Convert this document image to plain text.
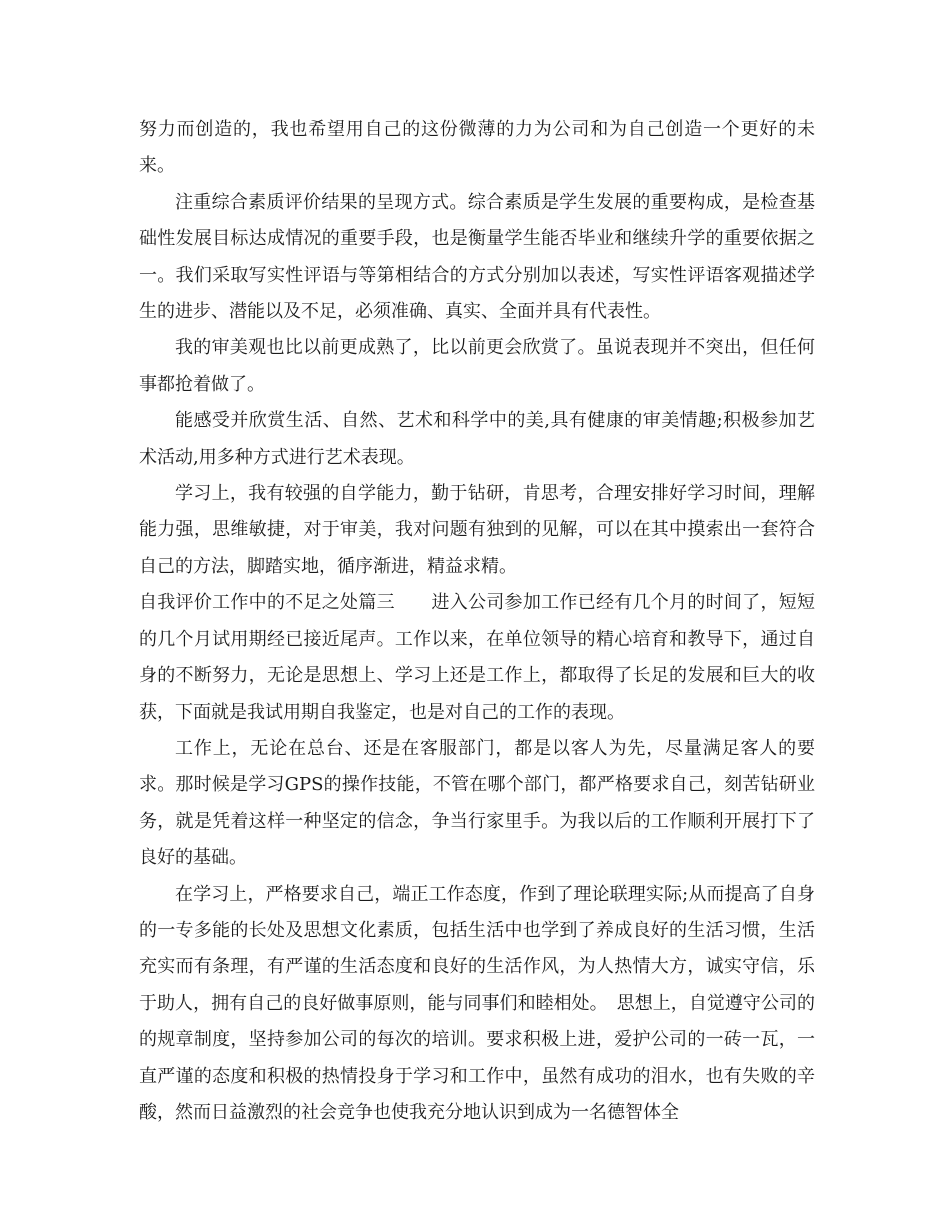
努力而创造的，我也希望用自己的这份微薄的力为公司和为自己创造一个更好的未来。

注重综合素质评价结果的呈现方式。综合素质是学生发展的重要构成，是检查基础性发展目标达成情况的重要手段，也是衡量学生能否毕业和继续升学的重要依据之一。我们采取写实性评语与等第相结合的方式分别加以表述，写实性评语客观描述学生的进步、潜能以及不足，必须准确、真实、全面并具有代表性。

我的审美观也比以前更成熟了，比以前更会欣赏了。虽说表现并不突出，但任何事都抢着做了。

能感受并欣赏生活、自然、艺术和科学中的美,具有健康的审美情趣;积极参加艺术活动,用多种方式进行艺术表现。

学习上，我有较强的自学能力，勤于钻研，肯思考，合理安排好学习时间，理解能力强，思维敏捷，对于审美，我对问题有独到的见解，可以在其中摸索出一套符合自己的方法，脚踏实地，循序渐进，精益求精。

自我评价工作中的不足之处篇三　　进入公司参加工作已经有几个月的时间了，短短的几个月试用期经已接近尾声。工作以来，在单位领导的精心培育和教导下，通过自身的不断努力，无论是思想上、学习上还是工作上，都取得了长足的发展和巨大的收获，下面就是我试用期自我鉴定，也是对自己的工作的表现。

工作上，无论在总台、还是在客服部门，都是以客人为先，尽量满足客人的要求。那时候是学习GPS的操作技能，不管在哪个部门，都严格要求自己，刻苦钻研业务，就是凭着这样一种坚定的信念，争当行家里手。为我以后的工作顺利开展打下了良好的基础。

在学习上，严格要求自己，端正工作态度，作到了理论联理实际;从而提高了自身的一专多能的长处及思想文化素质，包括生活中也学到了养成良好的生活习惯，生活充实而有条理，有严谨的生活态度和良好的生活作风，为人热情大方，诚实守信，乐于助人，拥有自己的良好做事原则，能与同事们和睦相处。　思想上，自觉遵守公司的的规章制度，坚持参加公司的每次的培训。要求积极上进，爱护公司的一砖一瓦，一直严谨的态度和积极的热情投身于学习和工作中，虽然有成功的泪水，也有失败的辛酸，然而日益激烈的社会竞争也使我充分地认识到成为一名德智体全
